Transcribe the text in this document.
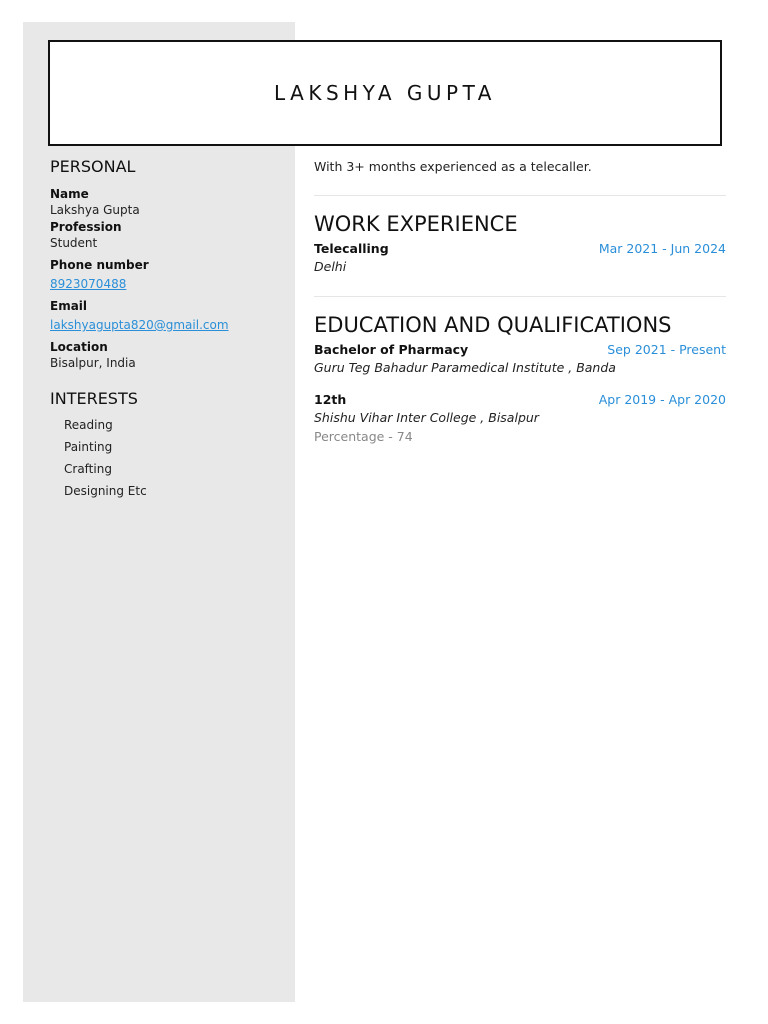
LAKSHYA GUPTA
PERSONAL
Name
Lakshya Gupta
Profession
Student
Phone number
8923070488
Email
lakshyagupta820@gmail.com
Location
Bisalpur, India
INTERESTS
Reading
Painting
Crafting
Designing Etc
With 3+ months experienced as a telecaller.
WORK EXPERIENCE
Telecalling	Mar 2021 - Jun 2024
Delhi
EDUCATION AND QUALIFICATIONS
Bachelor of Pharmacy	Sep 2021 - Present
Guru Teg Bahadur Paramedical Institute , Banda
12th	Apr 2019 - Apr 2020
Shishu Vihar Inter College , Bisalpur
Percentage - 74
